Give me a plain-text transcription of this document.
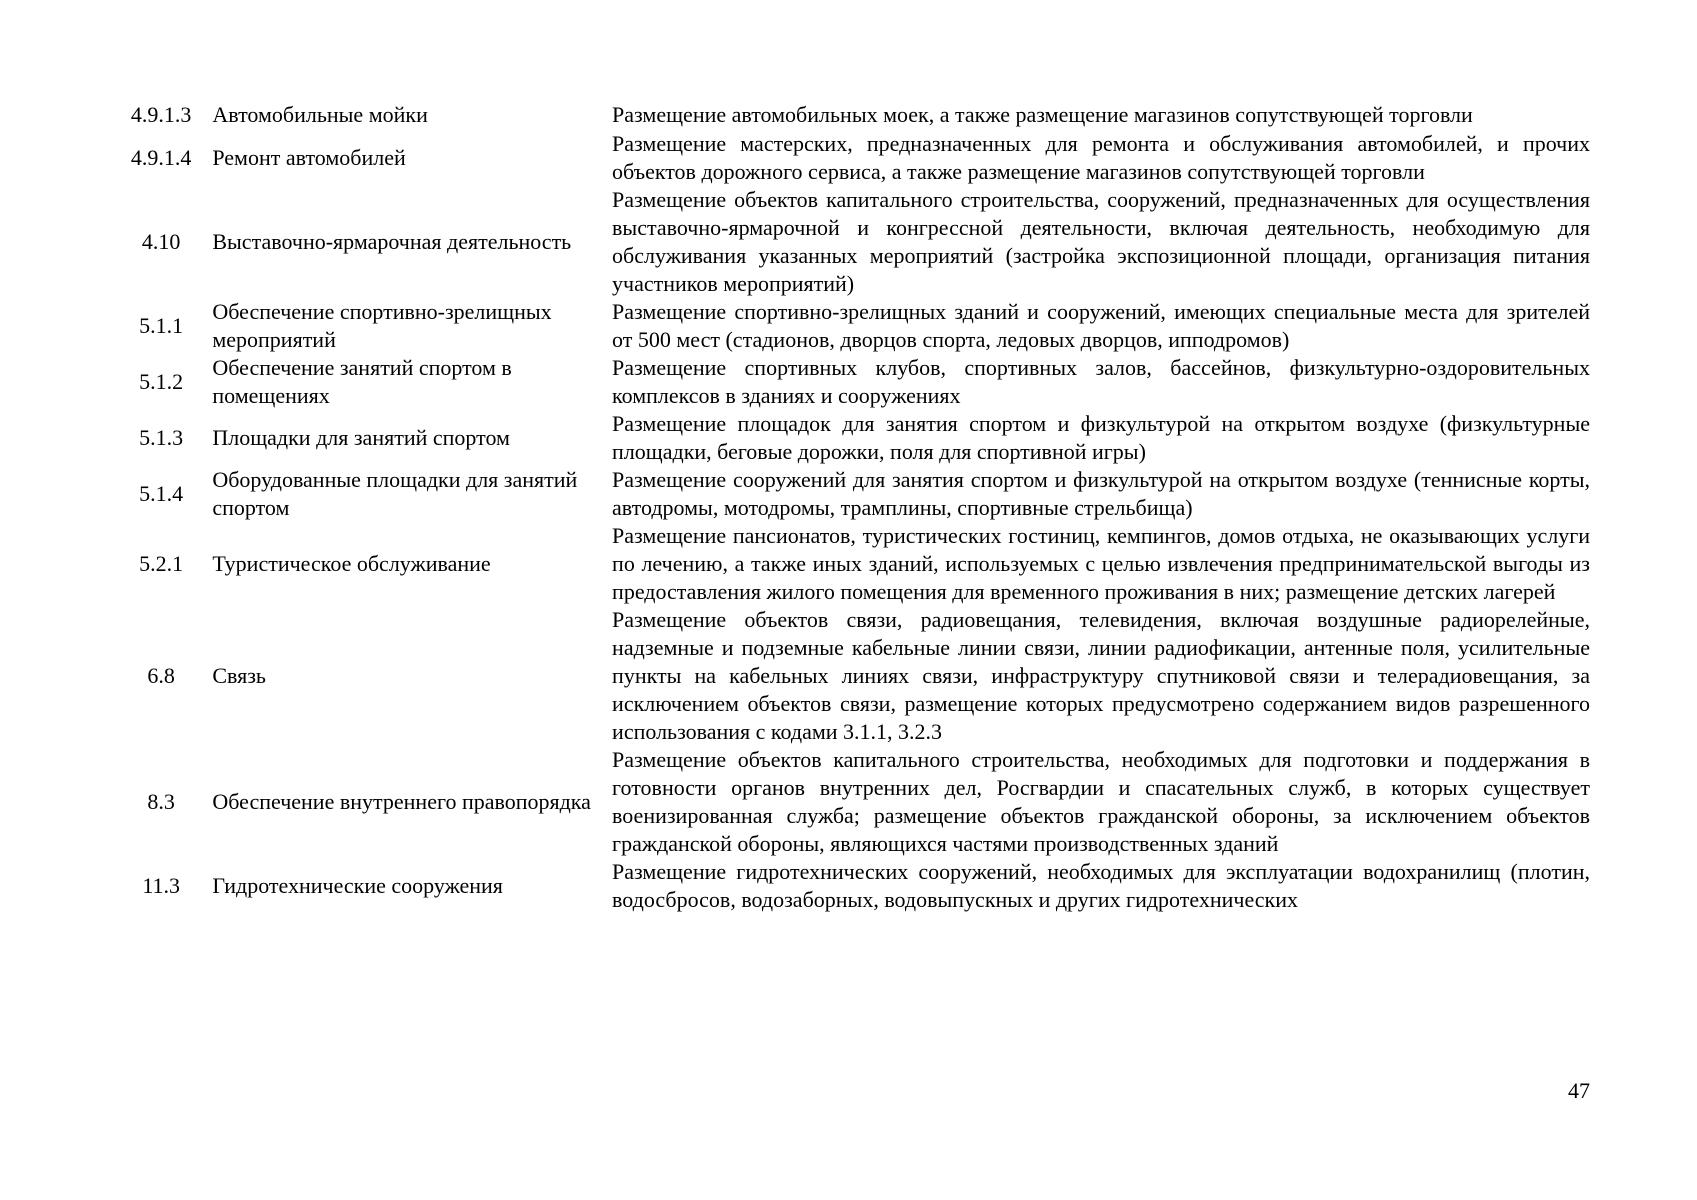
4.9.1.3	Автомобильные мойки	Размещение автомобильных моек, а также размещение магазинов сопутствующей торговли
4.9.1.4	Ремонт автомобилей	Размещение мастерских, предназначенных для ремонта и обслуживания автомобилей, и прочих объектов дорожного сервиса, а также размещение магазинов сопутствующей торговли
4.10	Выставочно-ярмарочная деятельность	Размещение объектов капитального строительства, сооружений, предназначенных для осуществления выставочно-ярмарочной и конгрессной деятельности, включая деятельность, необходимую для обслуживания указанных мероприятий (застройка экспозиционной площади, организация питания участников мероприятий)
5.1.1	Обеспечение спортивно-зрелищных мероприятий	Размещение спортивно-зрелищных зданий и сооружений, имеющих специальные места для зрителей от 500 мест (стадионов, дворцов спорта, ледовых дворцов, ипподромов)
5.1.2	Обеспечение занятий спортом в помещениях	Размещение спортивных клубов, спортивных залов, бассейнов, физкультурно-оздоровительных комплексов в зданиях и сооружениях
5.1.3	Площадки для занятий спортом	Размещение площадок для занятия спортом и физкультурой на открытом воздухе (физкультурные площадки, беговые дорожки, поля для спортивной игры)
5.1.4	Оборудованные площадки для занятий спортом	Размещение сооружений для занятия спортом и физкультурой на открытом воздухе (теннисные корты, автодромы, мотодромы, трамплины, спортивные стрельбища)
5.2.1	Туристическое обслуживание	Размещение пансионатов, туристических гостиниц, кемпингов, домов отдыха, не оказывающих услуги по лечению, а также иных зданий, используемых с целью извлечения предпринимательской выгоды из предоставления жилого помещения для временного проживания в них; размещение детских лагерей
6.8	Связь	Размещение объектов связи, радиовещания, телевидения, включая воздушные радиорелейные, надземные и подземные кабельные линии связи, линии радиофикации, антенные поля, усилительные пункты на кабельных линиях связи, инфраструктуру спутниковой связи и телерадиовещания, за исключением объектов связи, размещение которых предусмотрено содержанием видов разрешенного использования с кодами 3.1.1, 3.2.3
8.3	Обеспечение внутреннего правопорядка	Размещение объектов капитального строительства, необходимых для подготовки и поддержания в готовности органов внутренних дел, Росгвардии и спасательных служб, в которых существует военизированная служба; размещение объектов гражданской обороны, за исключением объектов гражданской обороны, являющихся частями производственных зданий
11.3	Гидротехнические сооружения	Размещение гидротехнических сооружений, необходимых для эксплуатации водохранилищ (плотин, водосбросов, водозаборных, водовыпускных и других гидротехнических
47
